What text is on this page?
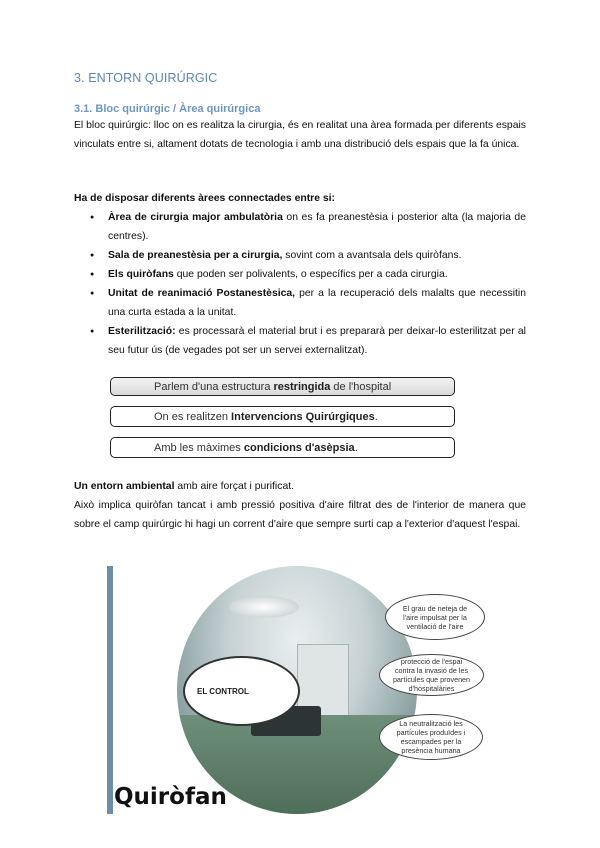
3. ENTORN QUIRÚRGIC
3.1. Bloc quirúrgic / Àrea quirúrgica
El bloc quirúrgic: lloc on es realitza la cirurgia, és en realitat una àrea formada per diferents espais vinculats entre si, altament dotats de tecnologia i amb una distribució dels espais que la fa única.
Ha de disposar diferents àrees connectades entre si:
● Àrea de cirurgia major ambulatòria on es fa preanestèsia i posterior alta (la majoria de centres).
● Sala de preanestèsia per a cirurgia, sovint com a avantsala dels quiròfans.
● Els quiròfans que poden ser polivalents, o específics per a cada cirurgia.
● Unitat de reanimació Postanestèsica, per a la recuperació dels malalts que necessitin una curta estada a la unitat.
● Esterilització: es processarà el material brut i es prepararà per deixar-lo esterilitzat per al seu futur ús (de vegades pot ser un servei externalitzat).
Parlem d'una estructura restringida de l'hospital
On es realitzen Intervencions Quirúrgiques.
Amb les màximes condicions d'asèpsia.
Un entorn ambiental amb aire forçat i purificat.
Això implica quiròfan tancat i amb pressió positiva d'aire filtrat des de l'interior de manera que sobre el camp quirúrgic hi hagi un corrent d'aire que sempre surti cap a l'exterior d'aquest l'espai.
EL CONTROL
El grau de neteja de l'aire impulsat per la ventilació de l'aire
protecció de l'espai contra la invasió de les partícules que provenen d'hospitalàries
La neutralització les partícules produïdes i escampades per la presència humana
Quiròfan
